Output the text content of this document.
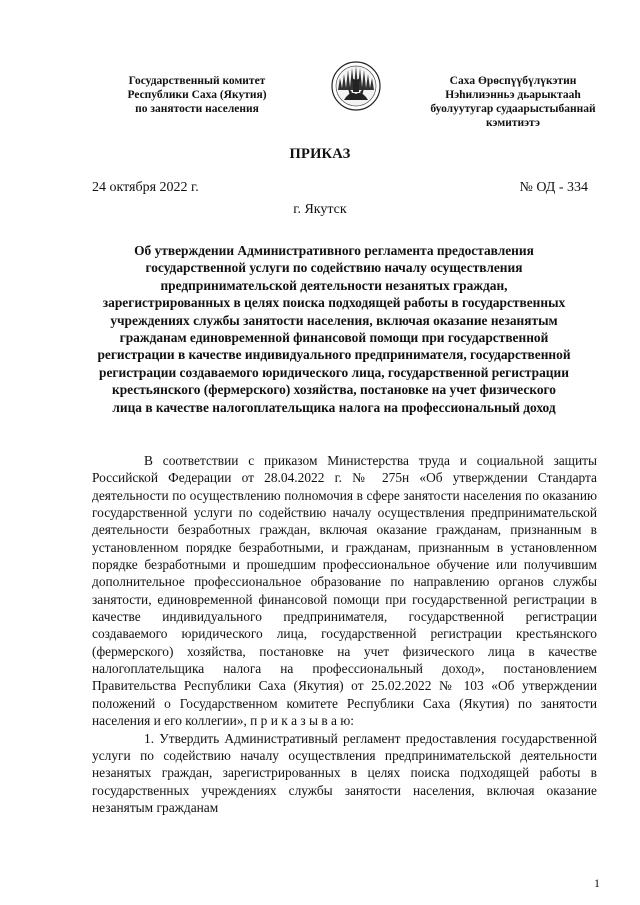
Государственный комитет
Республики Саха (Якутия)
по занятости населения
Саха Өрөспүүбүлүкэтин
Нэһилиэнньэ дьарыктааһ
буолуутугар судаарыстыбаннай
кэмитиэтэ
ПРИКАЗ
24 октября 2022 г.	№ ОД - 334
г. Якутск
Об утверждении Административного регламента предоставления государственной услуги по содействию началу осуществления предпринимательской деятельности незанятых граждан, зарегистрированных в целях поиска подходящей работы в государственных учреждениях службы занятости населения, включая оказание незанятым гражданам единовременной финансовой помощи при государственной регистрации в качестве индивидуального предпринимателя, государственной регистрации создаваемого юридического лица, государственной регистрации крестьянского (фермерского) хозяйства, постановке на учет физического лица в качестве налогоплательщика налога на профессиональный доход

В соответствии с приказом Министерства труда и социальной защиты Российской Федерации от 28.04.2022 г. № 275н «Об утверждении Стандарта деятельности по осуществлению полномочия в сфере занятости населения по оказанию государственной услуги по содействию началу осуществления предпринимательской деятельности безработных граждан, включая оказание гражданам, признанным в установленном порядке безработными, и гражданам, признанным в установленном порядке безработными и прошедшим профессиональное обучение или получившим дополнительное профессиональное образование по направлению органов службы занятости, единовременной финансовой помощи при государственной регистрации в качестве индивидуального предпринимателя, государственной регистрации создаваемого юридического лица, государственной регистрации крестьянского (фермерского) хозяйства, постановке на учет физического лица в качестве налогоплательщика налога на профессиональный доход», постановлением Правительства Республики Саха (Якутия) от 25.02.2022 № 103 «Об утверждении положений о Государственном комитете Республики Саха (Якутия) по занятости населения и его коллегии», п р и к а з ы в а ю:

1. Утвердить Административный регламент предоставления государственной услуги по содействию началу осуществления предпринимательской деятельности незанятых граждан, зарегистрированных в целях поиска подходящей работы в государственных учреждениях службы занятости населения, включая оказание незанятым гражданам

1
